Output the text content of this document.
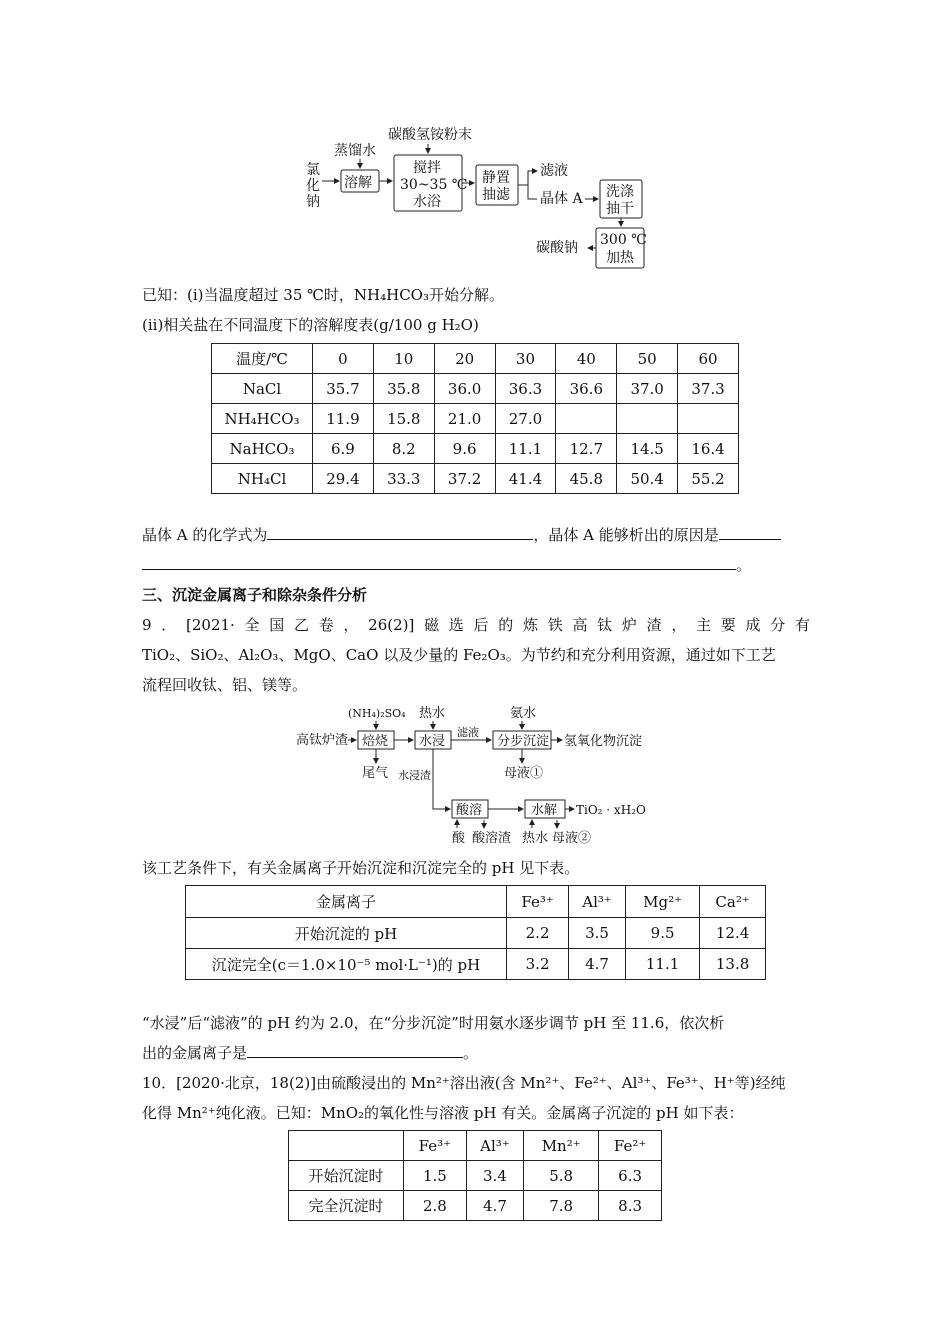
碳酸氢铵粉末
蒸馏水
氯
化
钠
溶解
搅拌
30~35 ℃
水浴
静置
抽滤
滤液
晶体 A 洗涤
抽干
300 ℃
加热
碳酸钠
已知：(i)当温度超过 35 ℃时，NH₄HCO₃开始分解。
(ii)相关盐在不同温度下的溶解度表(g/100 g H₂O)
温度/℃	0	10	20	30	40	50	60
NaCl	35.7	35.8	36.0	36.3	36.6	37.0	37.3
NH₄HCO₃	11.9	15.8	21.0	27.0			
NaHCO₃	6.9	8.2	9.6	11.1	12.7	14.5	16.4
NH₄Cl	29.4	33.3	37.2	41.4	45.8	50.4	55.2
晶体 A 的化学式为	，晶体 A 能够析出的原因是
。
三、沉淀金属离子和除杂条件分析
9．[2021·全国乙卷，26(2)]磁选后的炼铁高钛炉渣，主要成分有
TiO₂、SiO₂、Al₂O₃、MgO、CaO 以及少量的 Fe₂O₃。为节约和充分利用资源，通过如下工艺
流程回收钛、铝、镁等。
(NH₄)₂SO₄ 热水	氨水
高钛炉渣 焙烧 水浸
滤液
分步沉淀 氢氧化物沉淀
尾气 水浸渣	母液①
酸溶	水解 TiO₂ · xH₂O
酸 酸溶渣 热水 母液②
该工艺条件下，有关金属离子开始沉淀和沉淀完全的 pH 见下表。
金属离子	Fe³⁺	Al³⁺	Mg²⁺	Ca²⁺
开始沉淀的 pH	2.2	3.5	9.5	12.4
沉淀完全(c＝1.0×10⁻⁵ mol·L⁻¹)的 pH	3.2	4.7	11.1	13.8
“水浸”后“滤液”的 pH 约为 2.0，在“分步沉淀”时用氨水逐步调节 pH 至 11.6，依次析
出的金属离子是	。
10．[2020·北京，18(2)]由硫酸浸出的 Mn²⁺溶出液(含 Mn²⁺、Fe²⁺、Al³⁺、Fe³⁺、H⁺等)经纯
化得 Mn²⁺纯化液。已知：MnO₂的氧化性与溶液 pH 有关。金属离子沉淀的 pH 如下表：
	Fe³⁺	Al³⁺	Mn²⁺	Fe²⁺
开始沉淀时	1.5	3.4	5.8	6.3
完全沉淀时	2.8	4.7	7.8	8.3
